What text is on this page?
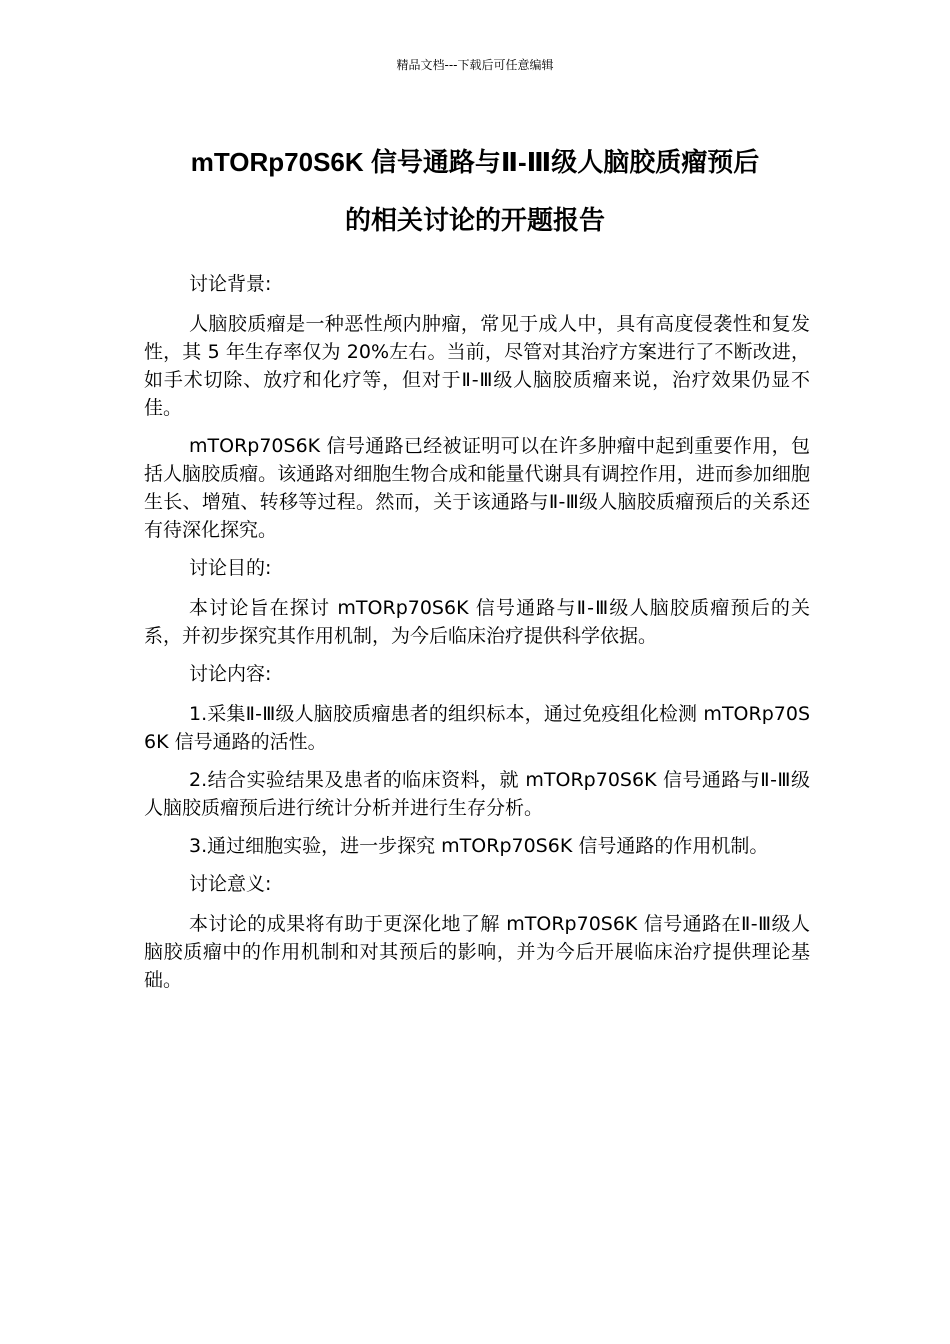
精品文档---下载后可任意编辑
mTORp70S6K 信号通路与Ⅱ-Ⅲ级人脑胶质瘤预后
的相关讨论的开题报告

讨论背景:

人脑胶质瘤是一种恶性颅内肿瘤，常见于成人中，具有高度侵袭性和复发性，其 5 年生存率仅为 20%左右。当前，尽管对其治疗方案进行了不断改进，如手术切除、放疗和化疗等，但对于Ⅱ-Ⅲ级人脑胶质瘤来说，治疗效果仍显不佳。

mTORp70S6K 信号通路已经被证明可以在许多肿瘤中起到重要作用，包括人脑胶质瘤。该通路对细胞生物合成和能量代谢具有调控作用，进而参加细胞生长、增殖、转移等过程。然而，关于该通路与Ⅱ-Ⅲ级人脑胶质瘤预后的关系还有待深化探究。

讨论目的:

本讨论旨在探讨 mTORp70S6K 信号通路与Ⅱ-Ⅲ级人脑胶质瘤预后的关系，并初步探究其作用机制，为今后临床治疗提供科学依据。

讨论内容:

1.采集Ⅱ-Ⅲ级人脑胶质瘤患者的组织标本，通过免疫组化检测 mTORp70S6K 信号通路的活性。

2.结合实验结果及患者的临床资料，就 mTORp70S6K 信号通路与Ⅱ-Ⅲ级人脑胶质瘤预后进行统计分析并进行生存分析。

3.通过细胞实验，进一步探究 mTORp70S6K 信号通路的作用机制。

讨论意义:

本讨论的成果将有助于更深化地了解 mTORp70S6K 信号通路在Ⅱ-Ⅲ级人脑胶质瘤中的作用机制和对其预后的影响，并为今后开展临床治疗提供理论基础。
